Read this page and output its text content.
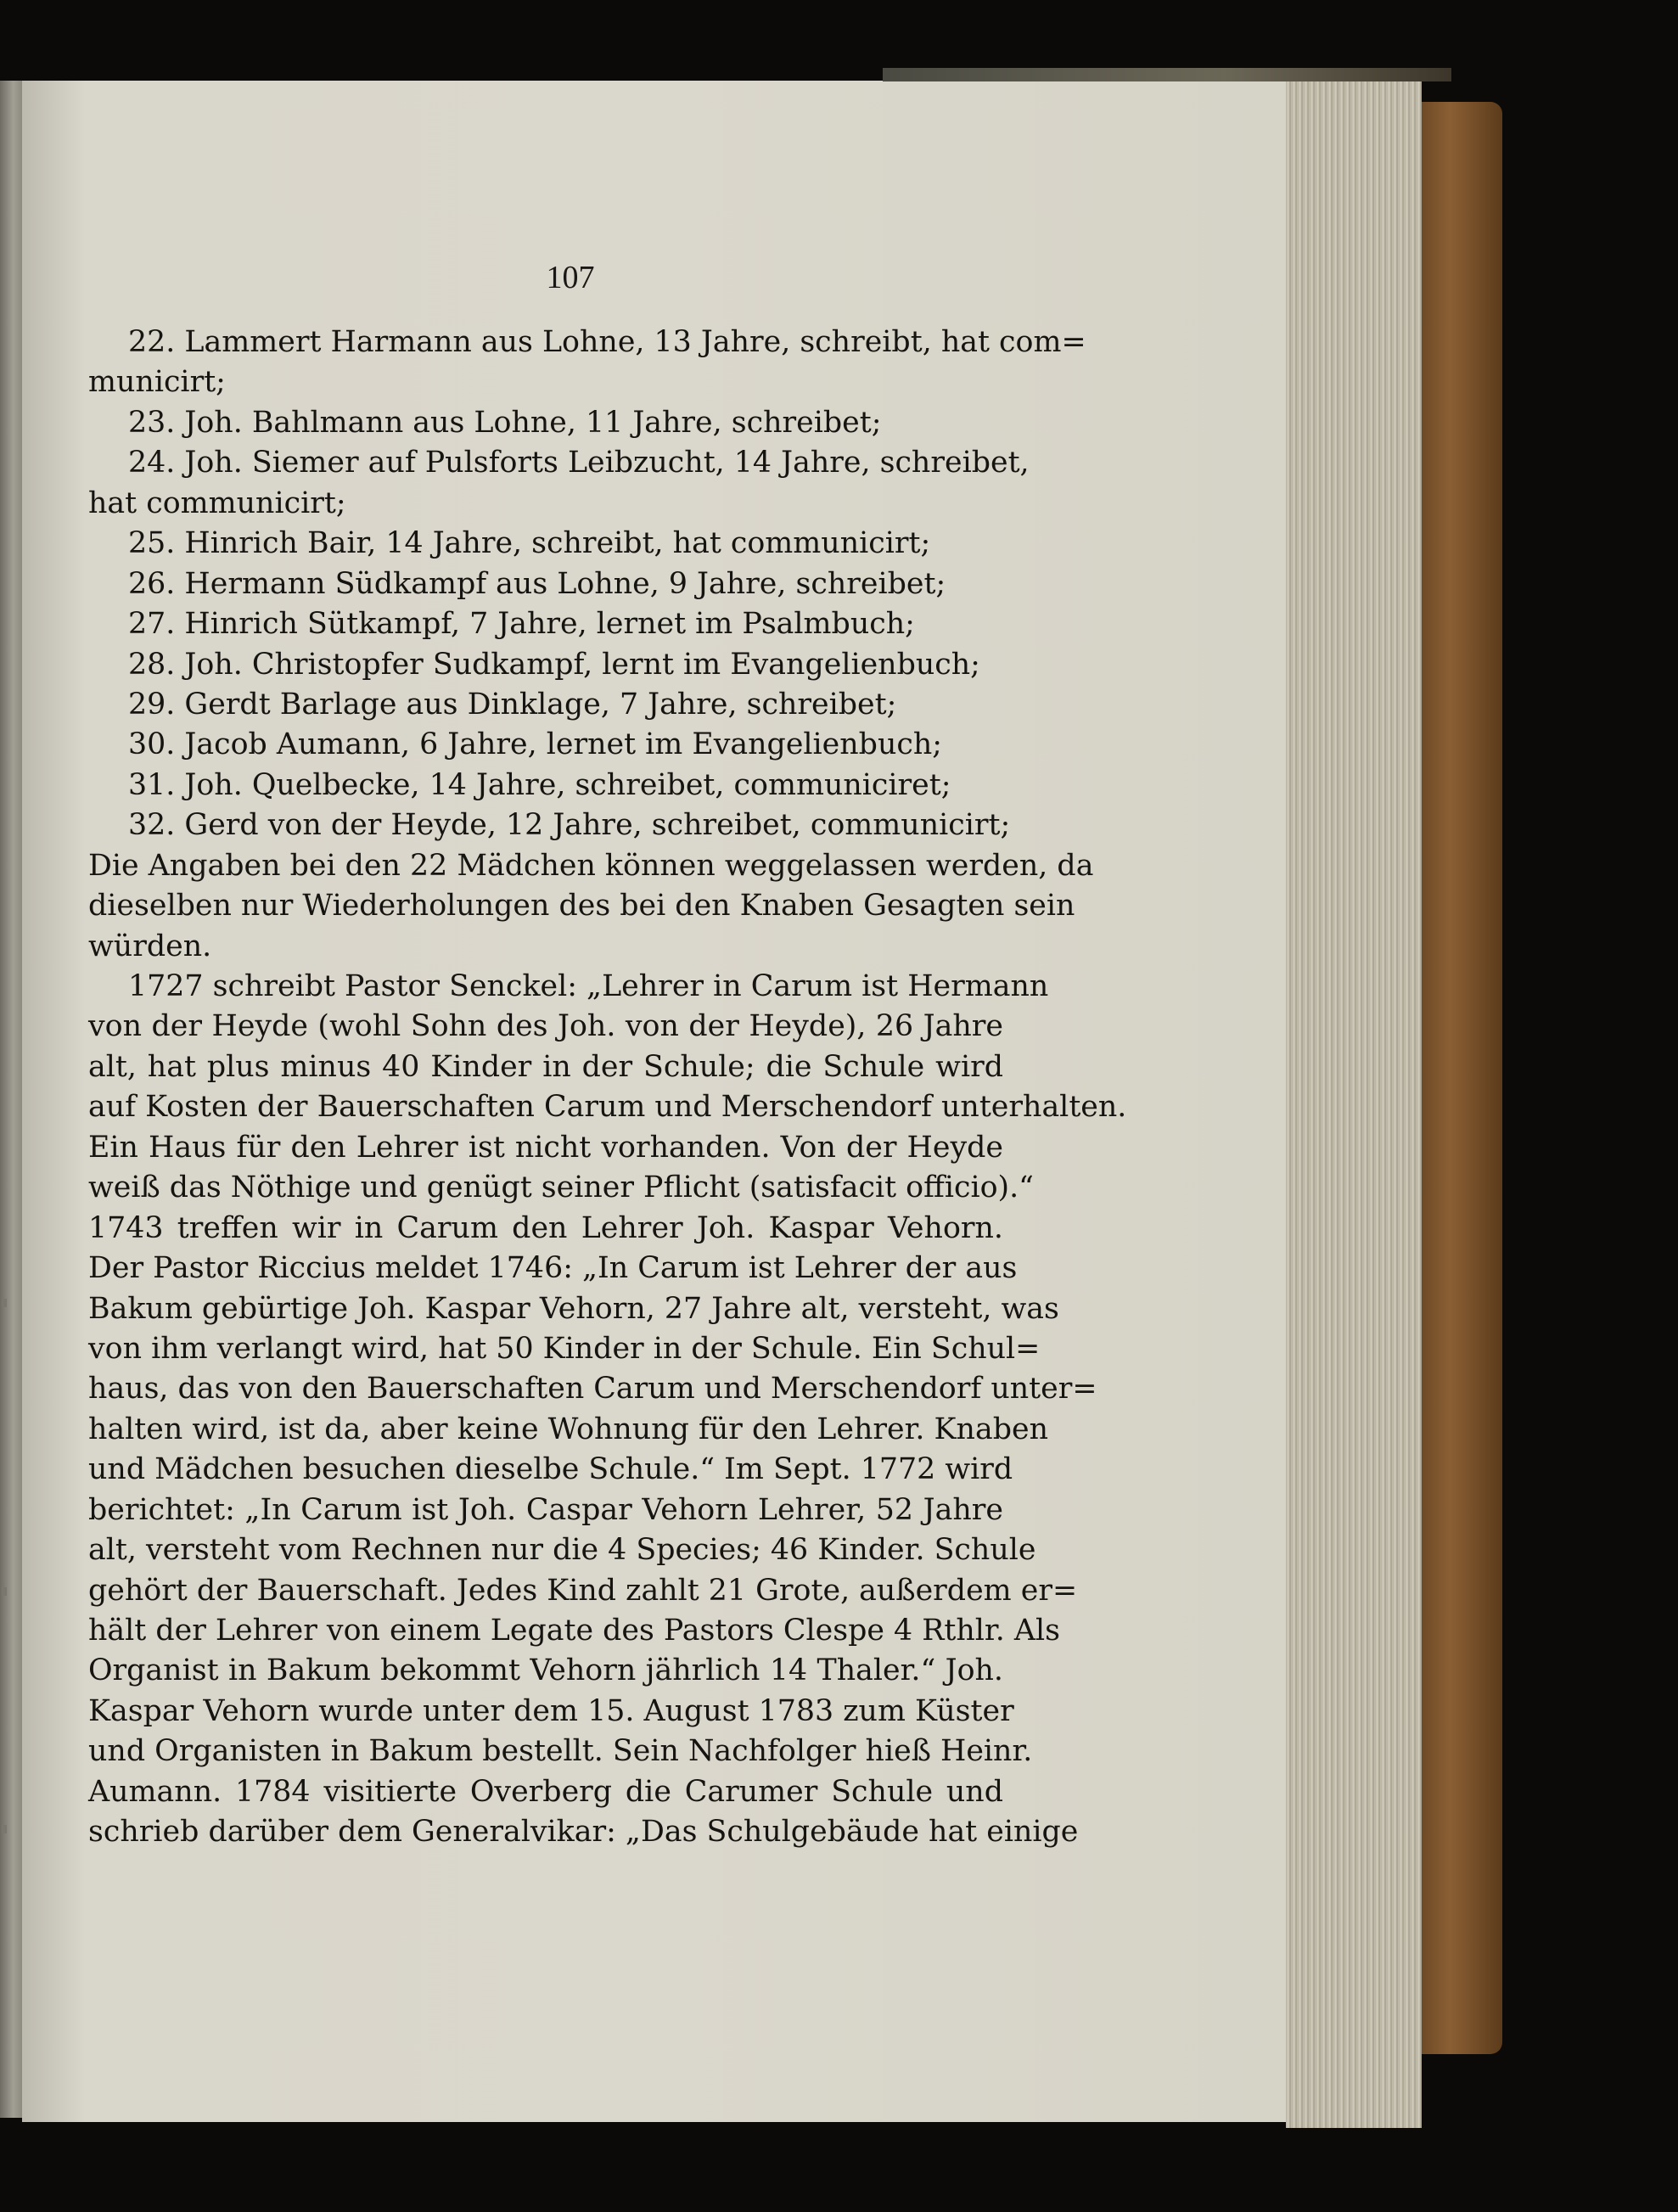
107
22. Lammert Harmann aus Lohne, 13 Jahre, schreibt, hat com=
municirt;
23. Joh. Bahlmann aus Lohne, 11 Jahre, schreibet;
24. Joh. Siemer auf Pulsforts Leibzucht, 14 Jahre, schreibet,
hat communicirt;
25. Hinrich Bair, 14 Jahre, schreibt, hat communicirt;
26. Hermann Südkampf aus Lohne, 9 Jahre, schreibet;
27. Hinrich Sütkampf, 7 Jahre, lernet im Psalmbuch;
28. Joh. Christopfer Sudkampf, lernt im Evangelienbuch;
29. Gerdt Barlage aus Dinklage, 7 Jahre, schreibet;
30. Jacob Aumann, 6 Jahre, lernet im Evangelienbuch;
31. Joh. Quelbecke, 14 Jahre, schreibet, communiciret;
32. Gerd von der Heyde, 12 Jahre, schreibet, communicirt;
Die Angaben bei den 22 Mädchen können weggelassen werden, da
dieselben nur Wiederholungen des bei den Knaben Gesagten sein
würden.
1727 schreibt Pastor Senckel: „Lehrer in Carum ist Hermann
von der Heyde (wohl Sohn des Joh. von der Heyde), 26 Jahre
alt, hat plus minus 40 Kinder in der Schule; die Schule wird
auf Kosten der Bauerschaften Carum und Merschendorf unterhalten.
Ein Haus für den Lehrer ist nicht vorhanden. Von der Heyde
weiß das Nöthige und genügt seiner Pflicht (satisfacit officio).“
1743 treffen wir in Carum den Lehrer Joh. Kaspar Vehorn.
Der Pastor Riccius meldet 1746: „In Carum ist Lehrer der aus
Bakum gebürtige Joh. Kaspar Vehorn, 27 Jahre alt, versteht, was
von ihm verlangt wird, hat 50 Kinder in der Schule. Ein Schul=
haus, das von den Bauerschaften Carum und Merschendorf unter=
halten wird, ist da, aber keine Wohnung für den Lehrer. Knaben
und Mädchen besuchen dieselbe Schule.“ Im Sept. 1772 wird
berichtet: „In Carum ist Joh. Caspar Vehorn Lehrer, 52 Jahre
alt, versteht vom Rechnen nur die 4 Species; 46 Kinder. Schule
gehört der Bauerschaft. Jedes Kind zahlt 21 Grote, außerdem er=
hält der Lehrer von einem Legate des Pastors Clespe 4 Rthlr. Als
Organist in Bakum bekommt Vehorn jährlich 14 Thaler.“ Joh.
Kaspar Vehorn wurde unter dem 15. August 1783 zum Küster
und Organisten in Bakum bestellt. Sein Nachfolger hieß Heinr.
Aumann. 1784 visitierte Overberg die Carumer Schule und
schrieb darüber dem Generalvikar: „Das Schulgebäude hat einige
